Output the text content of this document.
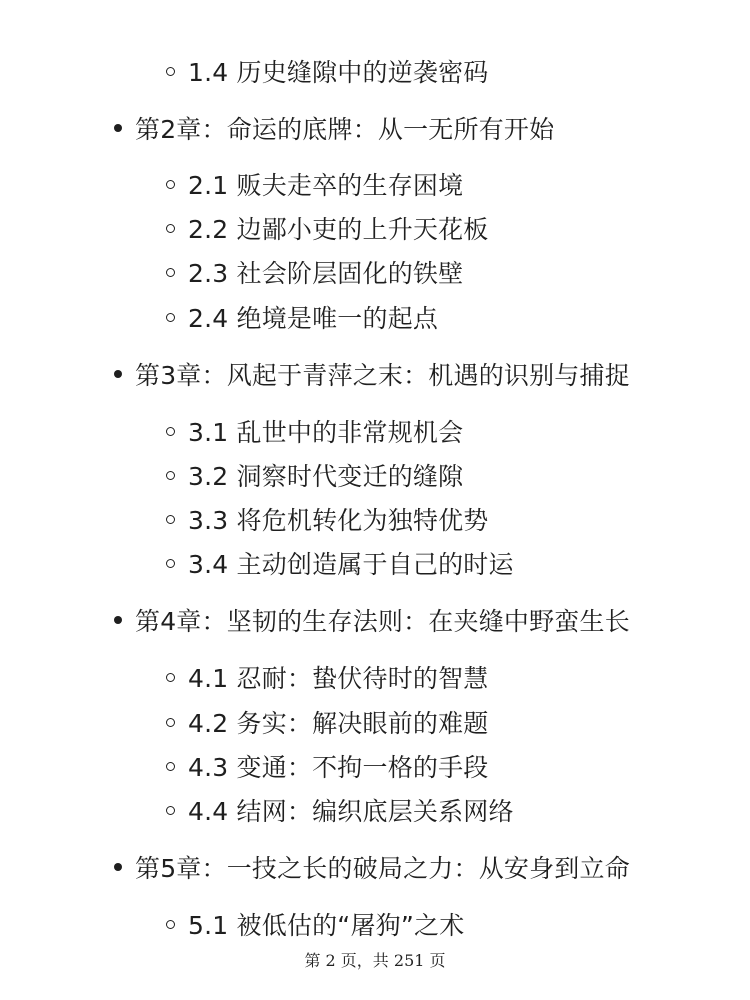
1.4 历史缝隙中的逆袭密码
第2章：命运的底牌：从一无所有开始
2.1 贩夫走卒的生存困境
2.2 边鄙小吏的上升天花板
2.3 社会阶层固化的铁壁
2.4 绝境是唯一的起点
第3章：风起于青萍之末：机遇的识别与捕捉
3.1 乱世中的非常规机会
3.2 洞察时代变迁的缝隙
3.3 将危机转化为独特优势
3.4 主动创造属于自己的时运
第4章：坚韧的生存法则：在夹缝中野蛮生长
4.1 忍耐：蛰伏待时的智慧
4.2 务实：解决眼前的难题
4.3 变通：不拘一格的手段
4.4 结网：编织底层关系网络
第5章：一技之长的破局之力：从安身到立命
5.1 被低估的“屠狗”之术
第 2 页，共 251 页
